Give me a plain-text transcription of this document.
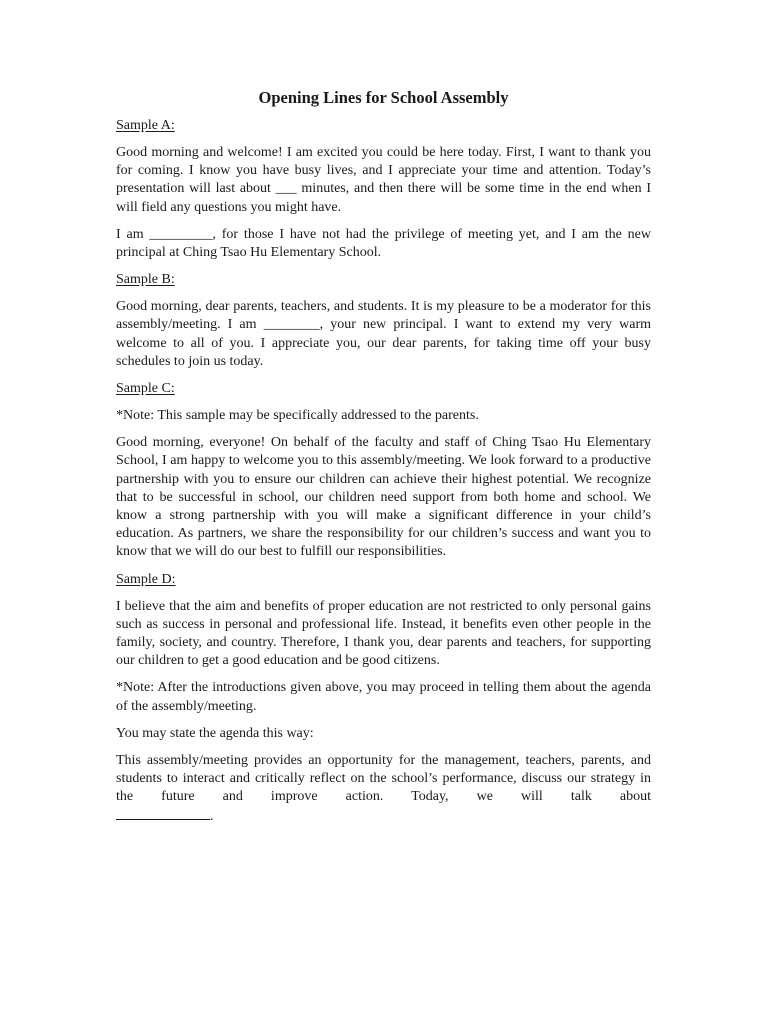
Opening Lines for School Assembly
Sample A:

Good morning and welcome! I am excited you could be here today. First, I want to thank you for coming. I know you have busy lives, and I appreciate your time and attention. Today’s presentation will last about ___ minutes, and then there will be some time in the end when I will field any questions you might have.

I am _________, for those I have not had the privilege of meeting yet, and I am the new principal at Ching Tsao Hu Elementary School.

Sample B:

Good morning, dear parents, teachers, and students. It is my pleasure to be a moderator for this assembly/meeting. I am ________, your new principal. I want to extend my very warm welcome to all of you. I appreciate you, our dear parents, for taking time off your busy schedules to join us today.

Sample C:

*Note: This sample may be specifically addressed to the parents.

Good morning, everyone! On behalf of the faculty and staff of Ching Tsao Hu Elementary School, I am happy to welcome you to this assembly/meeting. We look forward to a productive partnership with you to ensure our children can achieve their highest potential. We recognize that to be successful in school, our children need support from both home and school. We know a strong partnership with you will make a significant difference in your child’s education. As partners, we share the responsibility for our children’s success and want you to know that we will do our best to fulfill our responsibilities.

Sample D:

I believe that the aim and benefits of proper education are not restricted to only personal gains such as success in personal and professional life. Instead, it benefits even other people in the family, society, and country. Therefore, I thank you, dear parents and teachers, for supporting our children to get a good education and be good citizens.

*Note: After the introductions given above, you may proceed in telling them about the agenda of the assembly/meeting.

You may state the agenda this way:

This assembly/meeting provides an opportunity for the management, teachers, parents, and students to interact and critically reflect on the school’s performance, discuss our strategy in the future and improve action. Today, we will talk about

.
